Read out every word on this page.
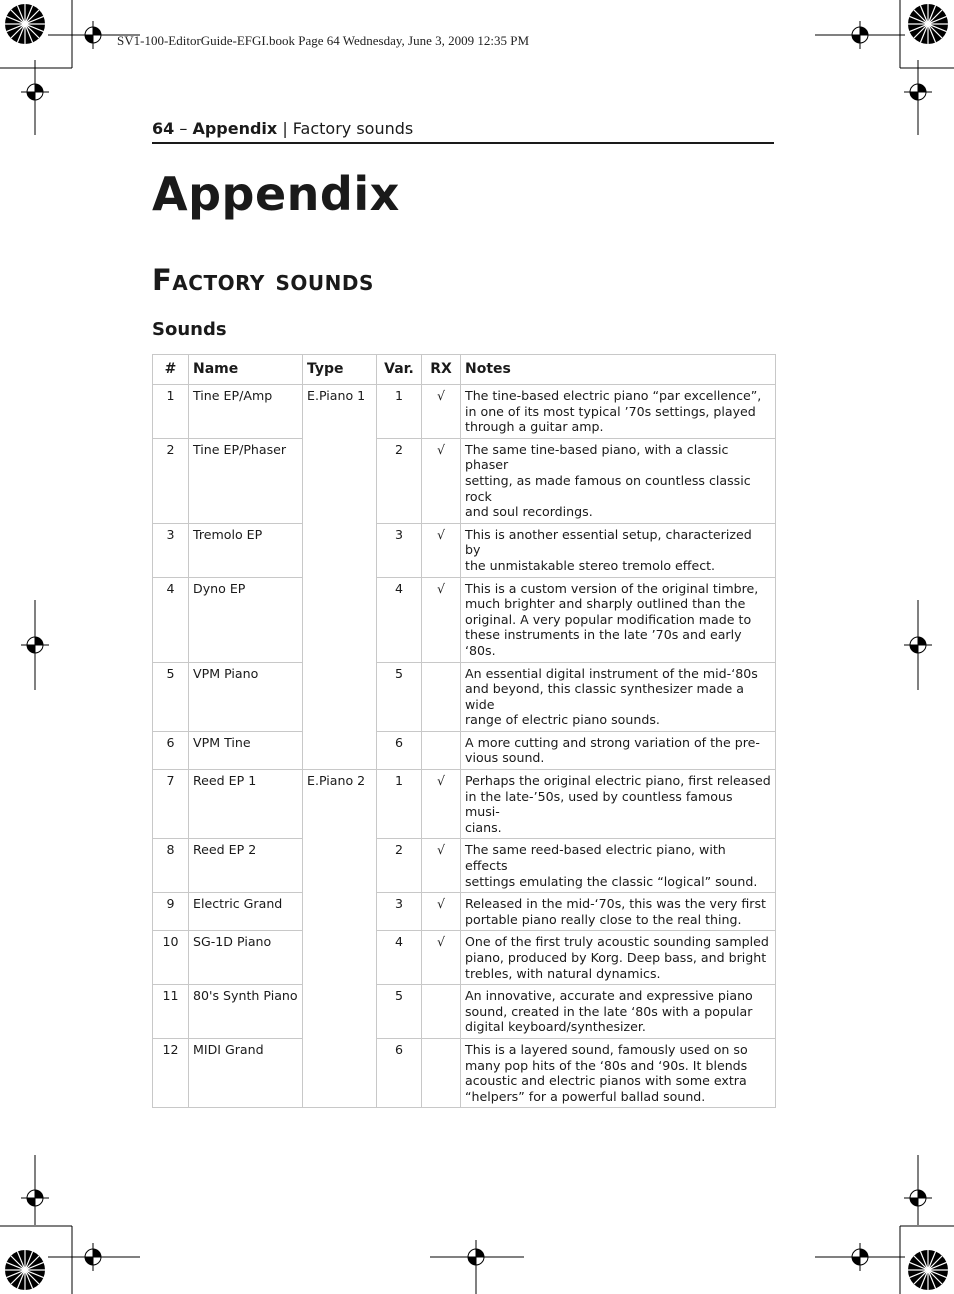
SV1-100-EditorGuide-EFGI.book Page 64 Wednesday, June 3, 2009 12:35 PM
64 – Appendix | Factory sounds
Appendix
Factory sounds
Sounds
#	Name	Type	Var.	RX	Notes
1	Tine EP/Amp	E.Piano 1	1	√	The tine-based electric piano “par excellence”,
in one of its most typical ’70s settings, played
through a guitar amp.
2	Tine EP/Phaser		2	√	The same tine-based piano, with a classic phaser
setting, as made famous on countless classic rock
and soul recordings.
3	Tremolo EP		3	√	This is another essential setup, characterized by
the unmistakable stereo tremolo effect.
4	Dyno EP		4	√	This is a custom version of the original timbre,
much brighter and sharply outlined than the
original. A very popular modification made to
these instruments in the late ’70s and early ‘80s.
5	VPM Piano		5		An essential digital instrument of the mid-‘80s
and beyond, this classic synthesizer made a wide
range of electric piano sounds.
6	VPM Tine		6		A more cutting and strong variation of the pre-
vious sound.
7	Reed EP 1	E.Piano 2	1	√	Perhaps the original electric piano, first released
in the late-’50s, used by countless famous musi-
cians.
8	Reed EP 2		2	√	The same reed-based electric piano, with effects
settings emulating the classic “logical” sound.
9	Electric Grand		3	√	Released in the mid-‘70s, this was the very first
portable piano really close to the real thing.
10	SG-1D Piano		4	√	One of the first truly acoustic sounding sampled
piano, produced by Korg. Deep bass, and bright
trebles, with natural dynamics.
11	80's Synth Piano		5		An innovative, accurate and expressive piano
sound, created in the late ‘80s with a popular
digital keyboard/synthesizer.
12	MIDI Grand		6		This is a layered sound, famously used on so
many pop hits of the ‘80s and ‘90s. It blends
acoustic and electric pianos with some extra
“helpers” for a powerful ballad sound.
